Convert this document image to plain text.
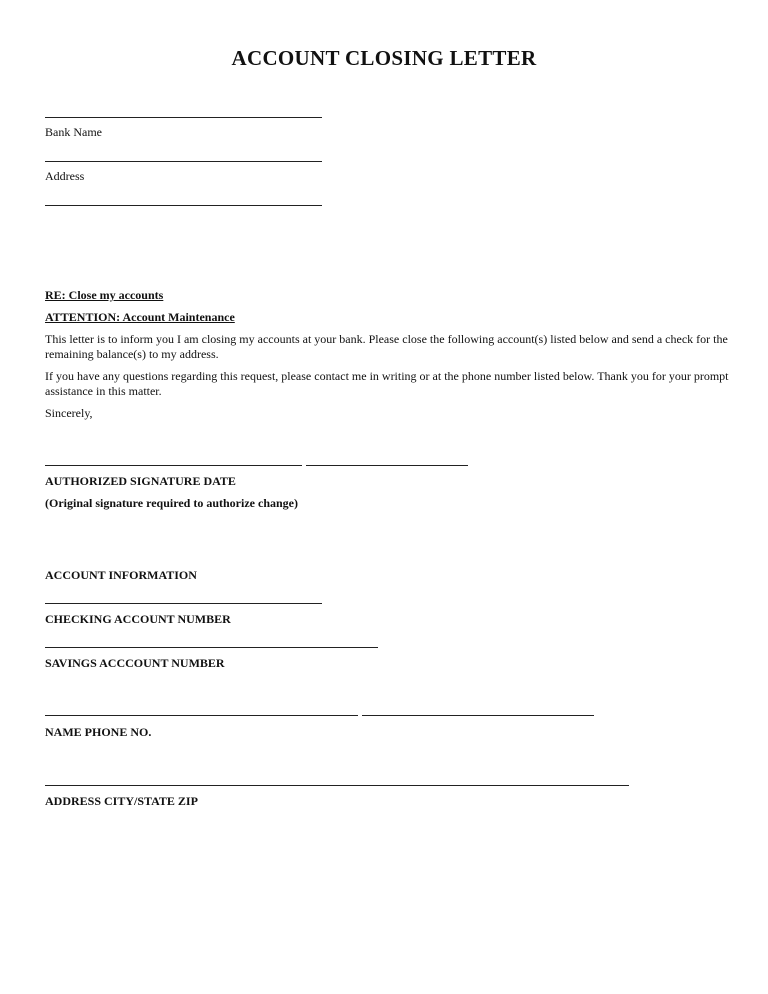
ACCOUNT CLOSING LETTER
Bank Name
Address
RE: Close my accounts
ATTENTION: Account Maintenance
This letter is to inform you I am closing my accounts at your bank. Please close the following account(s) listed below and send a check for the remaining balance(s) to my address.
If you have any questions regarding this request, please contact me in writing or at the phone number listed below. Thank you for your prompt assistance in this matter.
Sincerely,
AUTHORIZED SIGNATURE DATE
(Original signature required to authorize change)
ACCOUNT INFORMATION
CHECKING ACCOUNT NUMBER
SAVINGS ACCCOUNT NUMBER
NAME PHONE NO.
ADDRESS CITY/STATE ZIP
